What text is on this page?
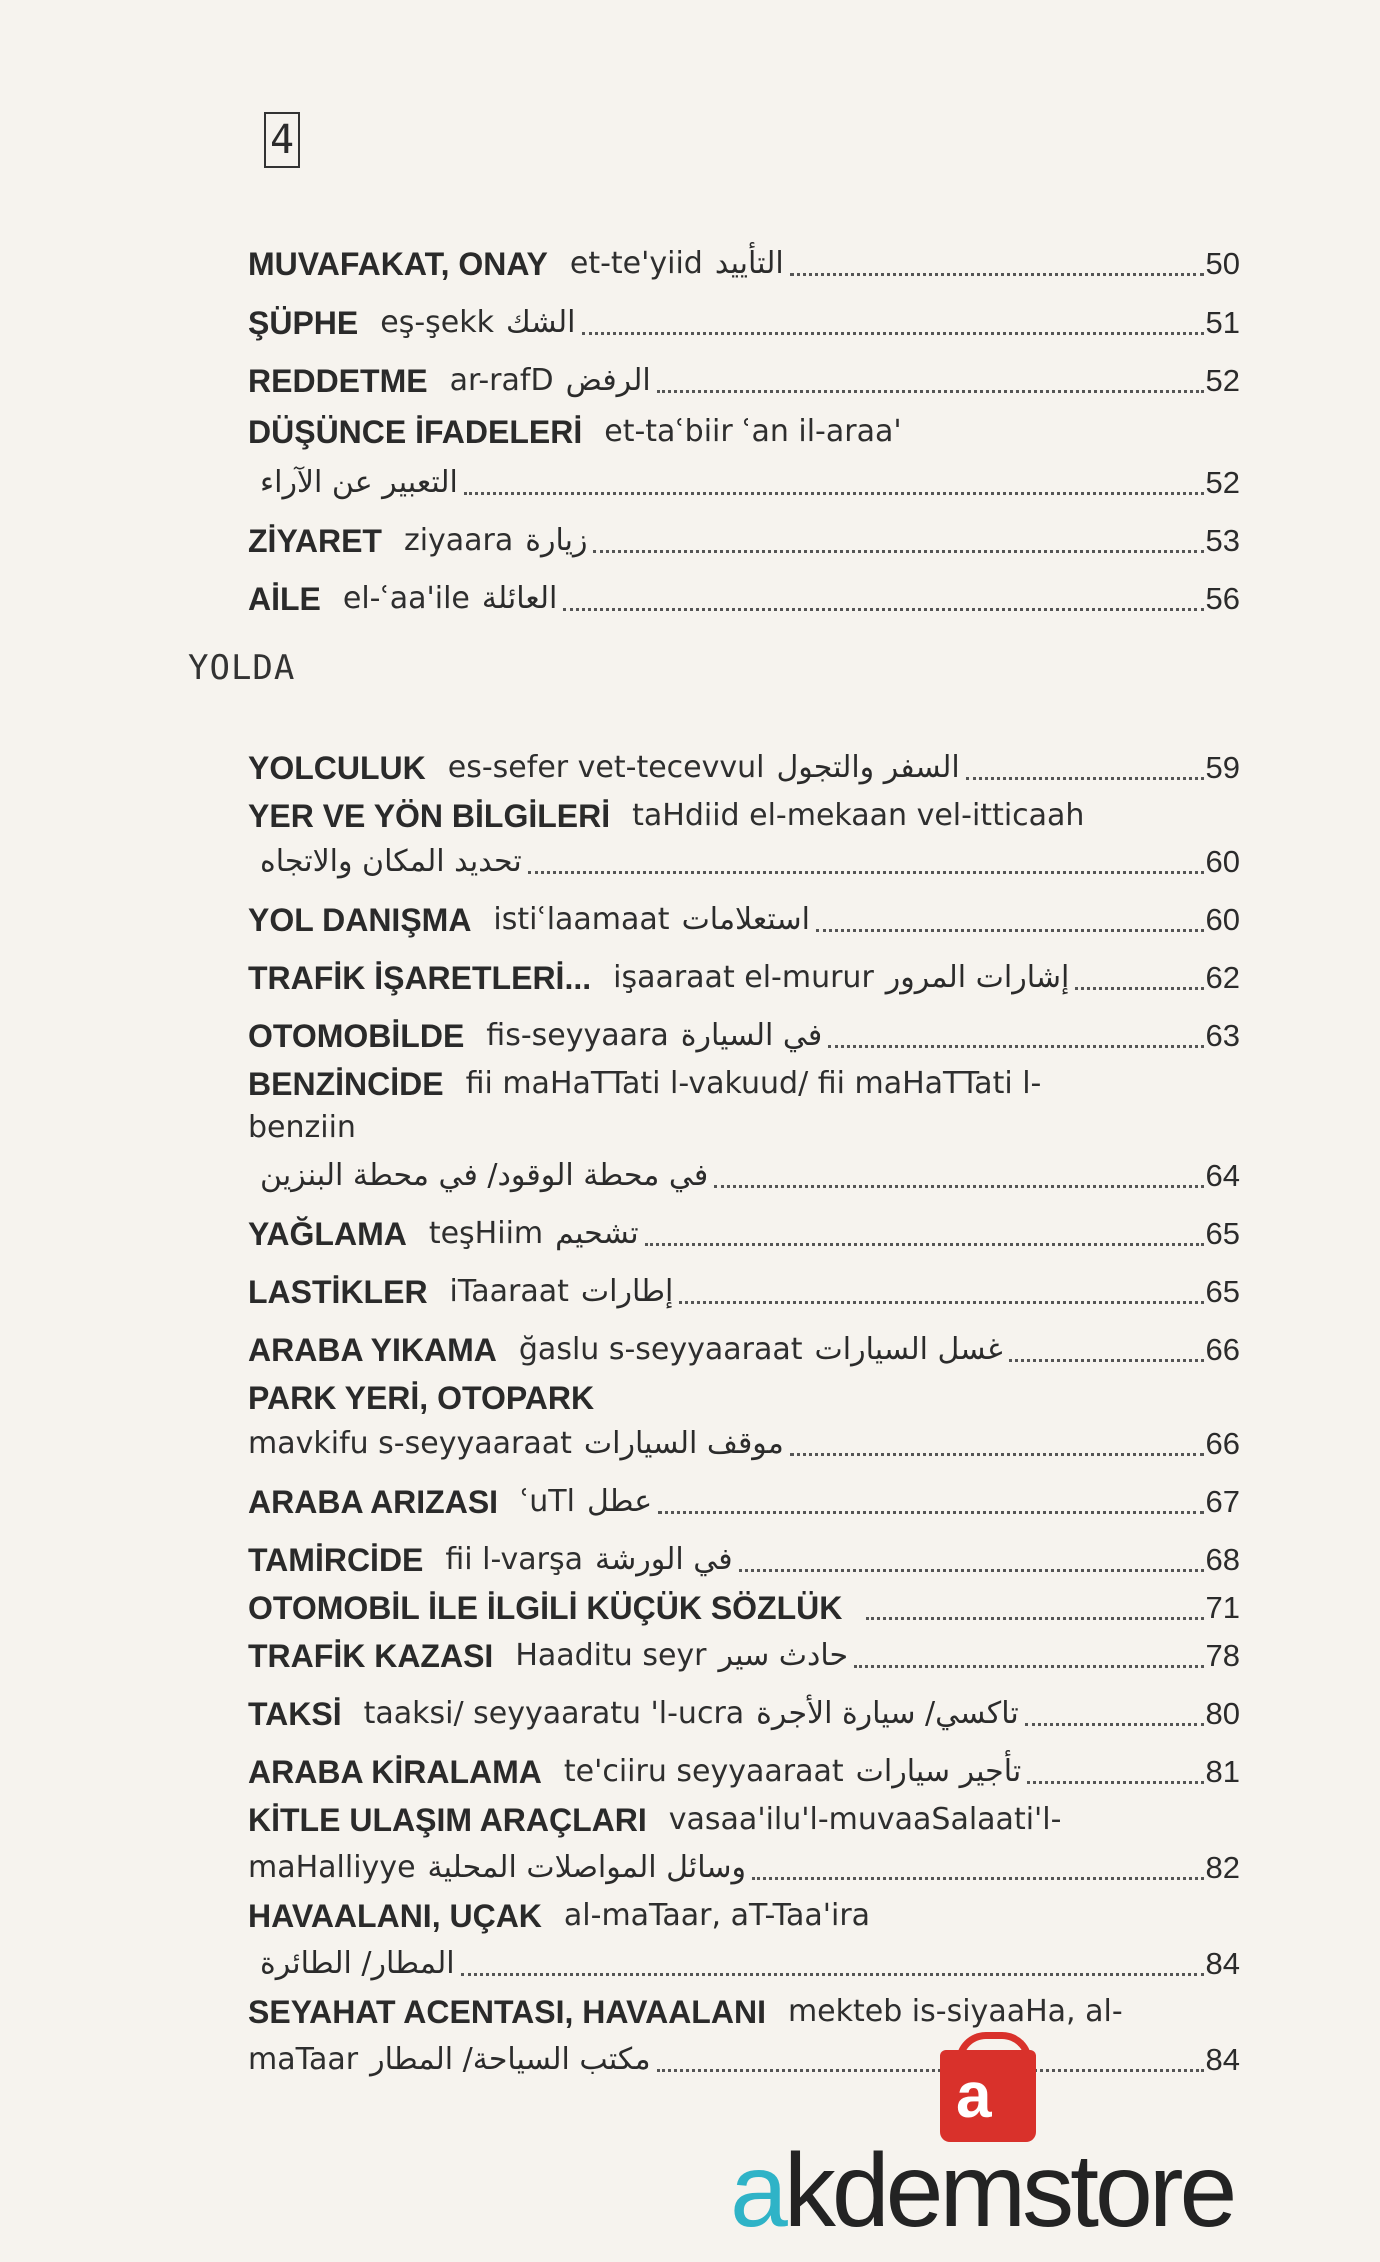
4
MUVAFAKAT, ONAY et-te'yiid التأييد	50
ŞÜPHE eş-şekk الشك	51
REDDETME ar-rafD الرفض	52
DÜŞÜNCE İFADELERİ et-taʿbiir ʿan il-araa'
التعبير عن الآراء	52
ZİYARET ziyaara زيارة	53
AİLE el-ʿaa'ile العائلة	56
YOLDA
YOLCULUK es-sefer vet-tecevvul السفر والتجول	59
YER VE YÖN BİLGİLERİ taHdiid el-mekaan vel-itticaah
تحديد المكان والاتجاه	60
YOL DANIŞMA istiʿlaamaat استعلامات	60
TRAFİK İŞARETLERİ... işaaraat el-murur إشارات المرور	62
OTOMOBİLDE fis-seyyaara في السيارة	63
BENZİNCİDE fii maHaTTati l-vakuud/ fii maHaTTati l-
benziin
في محطة الوقود/ في محطة البنزين	64
YAĞLAMA teşHiim تشحيم	65
LASTİKLER iTaaraat إطارات	65
ARABA YIKAMA ğaslu s-seyyaaraat غسل السيارات	66
PARK YERİ, OTOPARK
mavkifu s-seyyaaraat موقف السيارات	66
ARABA ARIZASI ʿuTl عطل	67
TAMİRCİDE fii l-varşa في الورشة	68
OTOMOBİL İLE İLGİLİ KÜÇÜK SÖZLÜK	71
TRAFİK KAZASI Haaditu seyr حادث سير	78
TAKSİ taaksi/ seyyaaratu 'l-ucra تاكسي/ سيارة الأجرة	80
ARABA KİRALAMA te'ciiru seyyaaraat تأجير سيارات	81
KİTLE ULAŞIM ARAÇLARI vasaa'ilu'l-muvaaSalaati'l-
maHalliyye وسائل المواصلات المحلية	82
HAVAALANI, UÇAK al-maTaar, aT-Taa'ira
المطار/ الطائرة	84
SEYAHAT ACENTASI, HAVAALANI mekteb is-siyaaHa, al-
maTaar مكتب السياحة/ المطار	84
a
akdemstore
